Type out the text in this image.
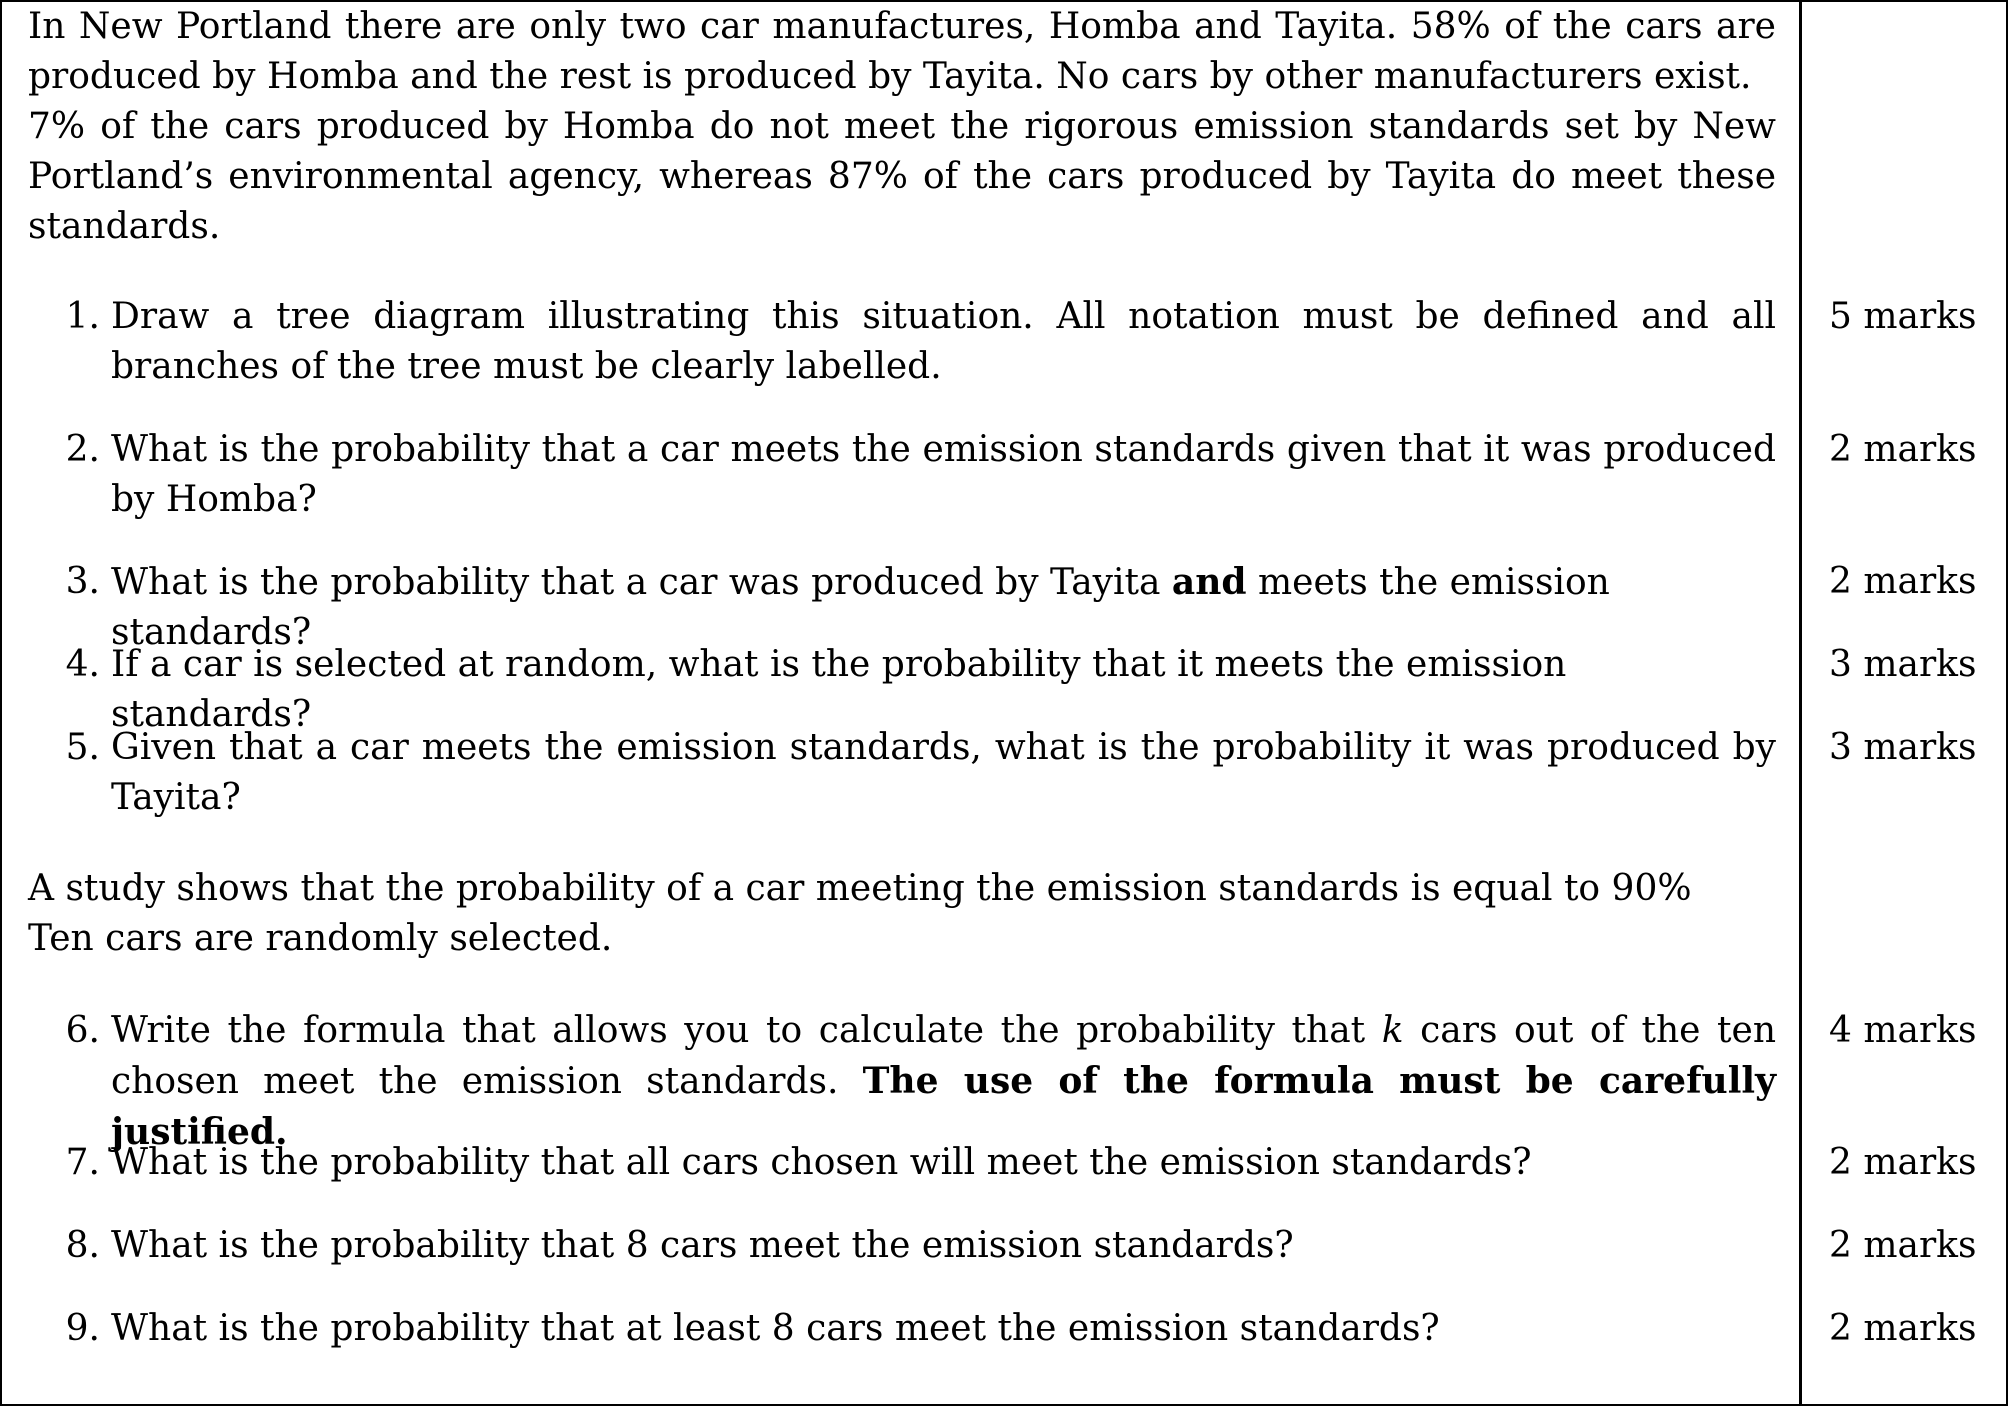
In New Portland there are only two car manufactures, Homba and Tayita. 58% of the cars are produced by Homba and the rest is produced by Tayita. No cars by other manufacturers exist.

7% of the cars produced by Homba do not meet the rigorous emission standards set by New Portland’s environmental agency, whereas 87% of the cars produced by Tayita do meet these standards.

1. Draw a tree diagram illustrating this situation. All notation must be defined and all branches of the tree must be clearly labelled.
2. What is the probability that a car meets the emission standards given that it was produced by Homba?
3. What is the probability that a car was produced by Tayita and meets the emission standards?
4. If a car is selected at random, what is the probability that it meets the emission standards?
5. Given that a car meets the emission standards, what is the probability it was produced by Tayita?

A study shows that the probability of a car meeting the emission standards is equal to 90%

Ten cars are randomly selected.

6. Write the formula that allows you to calculate the probability that k cars out of the ten chosen meet the emission standards. The use of the formula must be carefully justified.
7. What is the probability that all cars chosen will meet the emission standards?
8. What is the probability that 8 cars meet the emission standards?
9. What is the probability that at least 8 cars meet the emission standards?
5 marks
2 marks
2 marks
3 marks
3 marks
4 marks
2 marks
2 marks
2 marks
